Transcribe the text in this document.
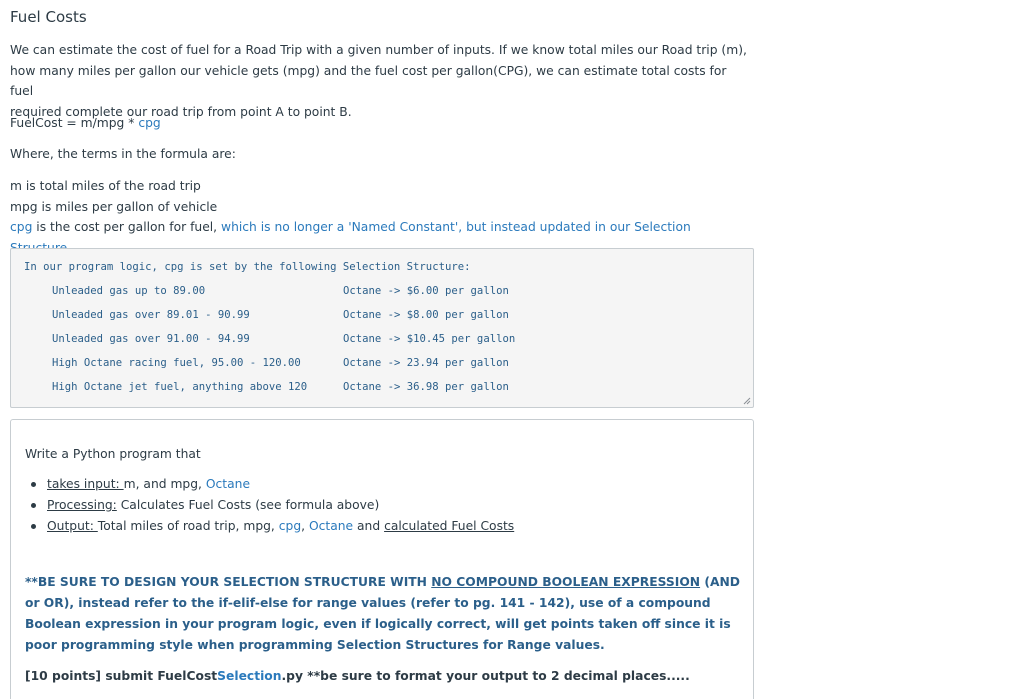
Fuel Costs
We can estimate the cost of fuel for a Road Trip with a given number of inputs. If we know total miles our Road trip (m),
how many miles per gallon our vehicle gets (mpg) and the fuel cost per gallon(CPG), we can estimate total costs for fuel
required complete our road trip from point A to point B.
FuelCost = m/mpg * cpg
Where, the terms in the formula are:
m is total miles of the road trip
mpg is miles per gallon of vehicle
cpg is the cost per gallon for fuel, which is no longer a 'Named Constant', but instead updated in our Selection
In our program logic, cpg is set by the following Selection Structure:
Unleaded gas up to 89.00	Octane -> $6.00 per gallon
Unleaded gas over 89.01 - 90.99	Octane -> $8.00 per gallon
Unleaded gas over 91.00 - 94.99	Octane -> $10.45 per gallon
High Octane racing fuel, 95.00 - 120.00	Octane -> 23.94 per gallon
High Octane jet fuel, anything above 120	Octane -> 36.98 per gallon
Write a Python program that
takes input: m, and mpg, Octane
Processing: Calculates Fuel Costs (see formula above)
Output: Total miles of road trip, mpg, cpg, Octane and calculated Fuel Costs
**BE SURE TO DESIGN YOUR SELECTION STRUCTURE WITH NO COMPOUND BOOLEAN EXPRESSION (AND or OR), instead refer to the if-elif-else for range values (refer to pg. 141 - 142), use of a compound Boolean expression in your program logic, even if logically correct, will get points taken off since it is poor programming style when programming Selection Structures for Range values.
[10 points] submit FuelCostSelection.py **be sure to format your output to 2 decimal places.....
